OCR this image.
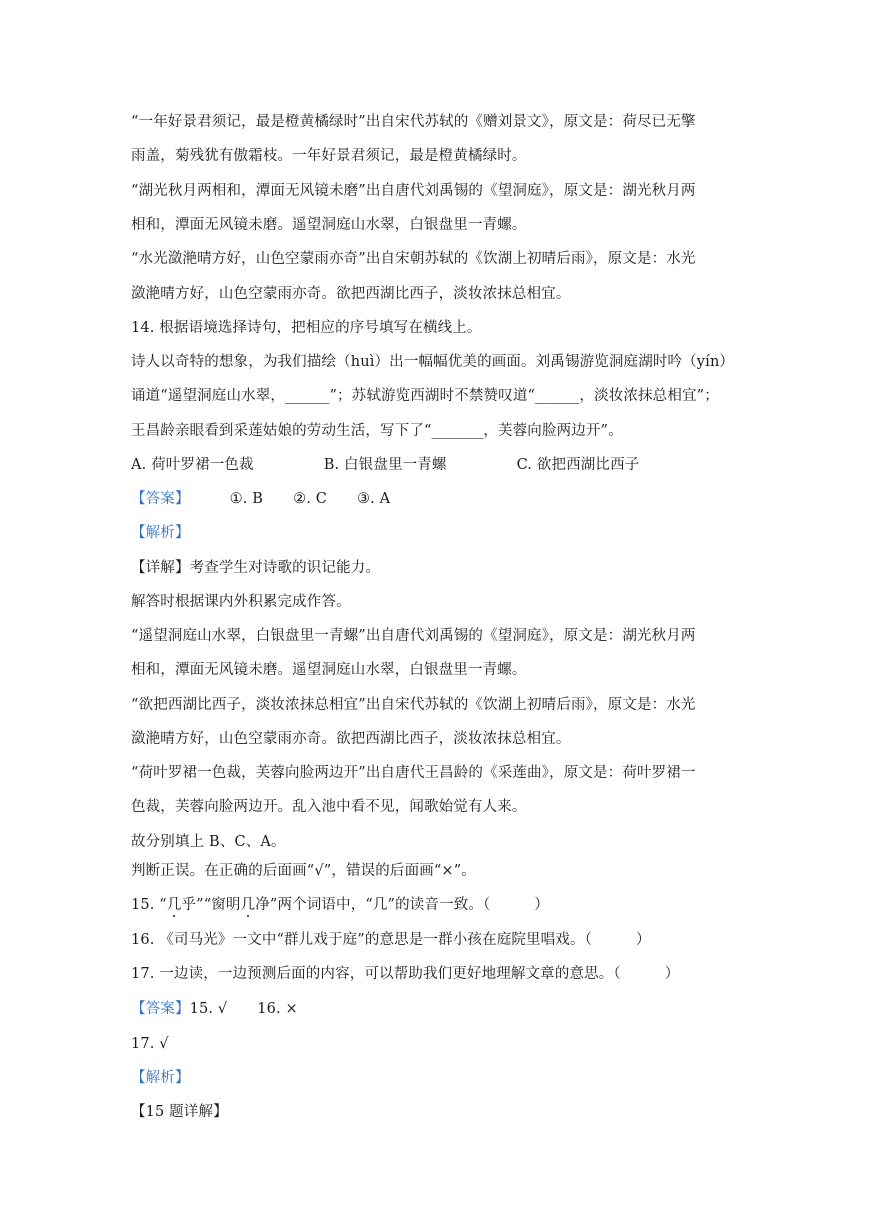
“一年好景君须记，最是橙黄橘绿时”出自宋代苏轼的《赠刘景文》，原文是：荷尽已无擎
雨盖，菊残犹有傲霜枝。一年好景君须记，最是橙黄橘绿时。
“湖光秋月两相和，潭面无风镜未磨”出自唐代刘禹锡的《望洞庭》，原文是：湖光秋月两
相和，潭面无风镜未磨。遥望洞庭山水翠，白银盘里一青螺。
“水光潋滟晴方好，山色空蒙雨亦奇”出自宋朝苏轼的《饮湖上初晴后雨》，原文是：水光
潋滟晴方好，山色空蒙雨亦奇。欲把西湖比西子，淡妆浓抹总相宜。
14. 根据语境选择诗句，把相应的序号填写在横线上。
诗人以奇特的想象，为我们描绘（huì）出一幅幅优美的画面。刘禹锡游览洞庭湖时吟（yín）
诵道“遥望洞庭山水翠，______”；苏轼游览西湖时不禁赞叹道“______，淡妆浓抹总相宜”；
王昌龄亲眼看到采莲姑娘的劳动生活，写下了“_______，芙蓉向脸两边开”。
A. 荷叶罗裙一色裁	B. 白银盘里一青螺	C. 欲把西湖比西子
【答案】	①. B ②. C ③. A
【解析】
【详解】考查学生对诗歌的识记能力。
解答时根据课内外积累完成作答。
“遥望洞庭山水翠，白银盘里一青螺”出自唐代刘禹锡的《望洞庭》，原文是：湖光秋月两
相和，潭面无风镜未磨。遥望洞庭山水翠，白银盘里一青螺。
“欲把西湖比西子，淡妆浓抹总相宜”出自宋代苏轼的《饮湖上初晴后雨》，原文是：水光
潋滟晴方好，山色空蒙雨亦奇。欲把西湖比西子，淡妆浓抹总相宜。
“荷叶罗裙一色裁，芙蓉向脸两边开”出自唐代王昌龄的《采莲曲》，原文是：荷叶罗裙一
色裁，芙蓉向脸两边开。乱入池中看不见，闻歌始觉有人来。
故分别填上 B、C、A。
判断正误。在正确的后面画“√”，错误的后面画“×”。
15. “几乎”“窗明几净”两个词语中，“几”的读音一致。（　　　）
16. 《司马光》一文中“群儿戏于庭”的意思是一群小孩在庭院里唱戏。（　　　）
17. 一边读，一边预测后面的内容，可以帮助我们更好地理解文章的意思。（　　　）
【答案】15. √ 16. ×
17. √
【解析】
【15 题详解】
